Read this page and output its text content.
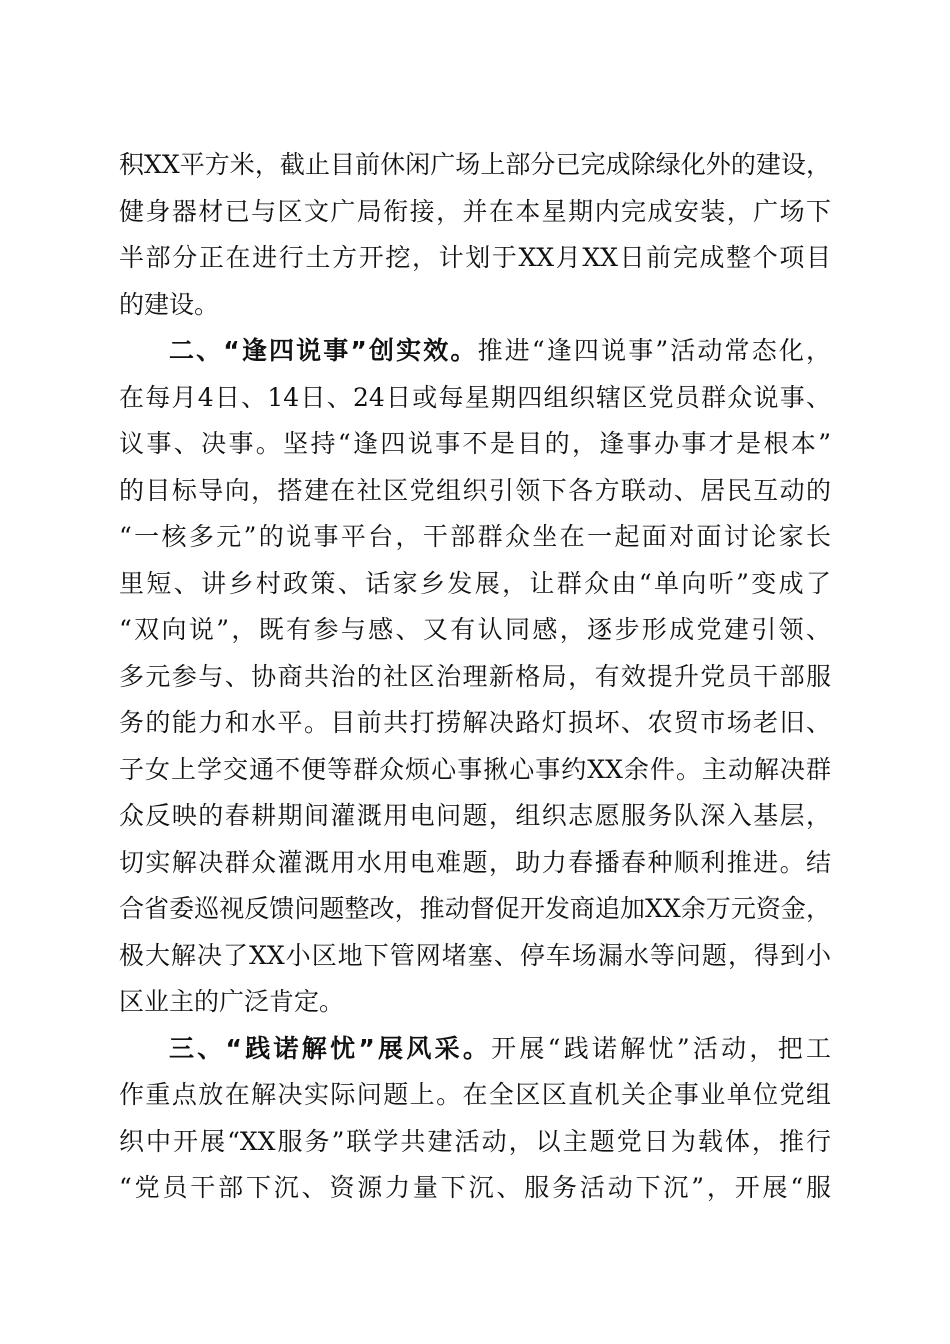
积XX平方米，截止目前休闲广场上部分已完成除绿化外的建设，
健身器材已与区文广局衔接，并在本星期内完成安装，广场下
半部分正在进行土方开挖，计划于XX月XX日前完成整个项目
的建设。
二、“逢四说事”创实效。推进“逢四说事”活动常态化，
在每月4日、14日、24日或每星期四组织辖区党员群众说事、
议事、决事。坚持“逢四说事不是目的，逢事办事才是根本”
的目标导向，搭建在社区党组织引领下各方联动、居民互动的
“一核多元”的说事平台，干部群众坐在一起面对面讨论家长
里短、讲乡村政策、话家乡发展，让群众由“单向听”变成了
“双向说”，既有参与感、又有认同感，逐步形成党建引领、
多元参与、协商共治的社区治理新格局，有效提升党员干部服
务的能力和水平。目前共打捞解决路灯损坏、农贸市场老旧、
子女上学交通不便等群众烦心事揪心事约XX余件。主动解决群
众反映的春耕期间灌溉用电问题，组织志愿服务队深入基层，
切实解决群众灌溉用水用电难题，助力春播春种顺利推进。结
合省委巡视反馈问题整改，推动督促开发商追加XX余万元资金，
极大解决了XX小区地下管网堵塞、停车场漏水等问题，得到小
区业主的广泛肯定。
三、“践诺解忧”展风采。开展“践诺解忧”活动，把工
作重点放在解决实际问题上。在全区区直机关企事业单位党组
织中开展“XX服务”联学共建活动，以主题党日为载体，推行
“党员干部下沉、资源力量下沉、服务活动下沉”，开展“服
